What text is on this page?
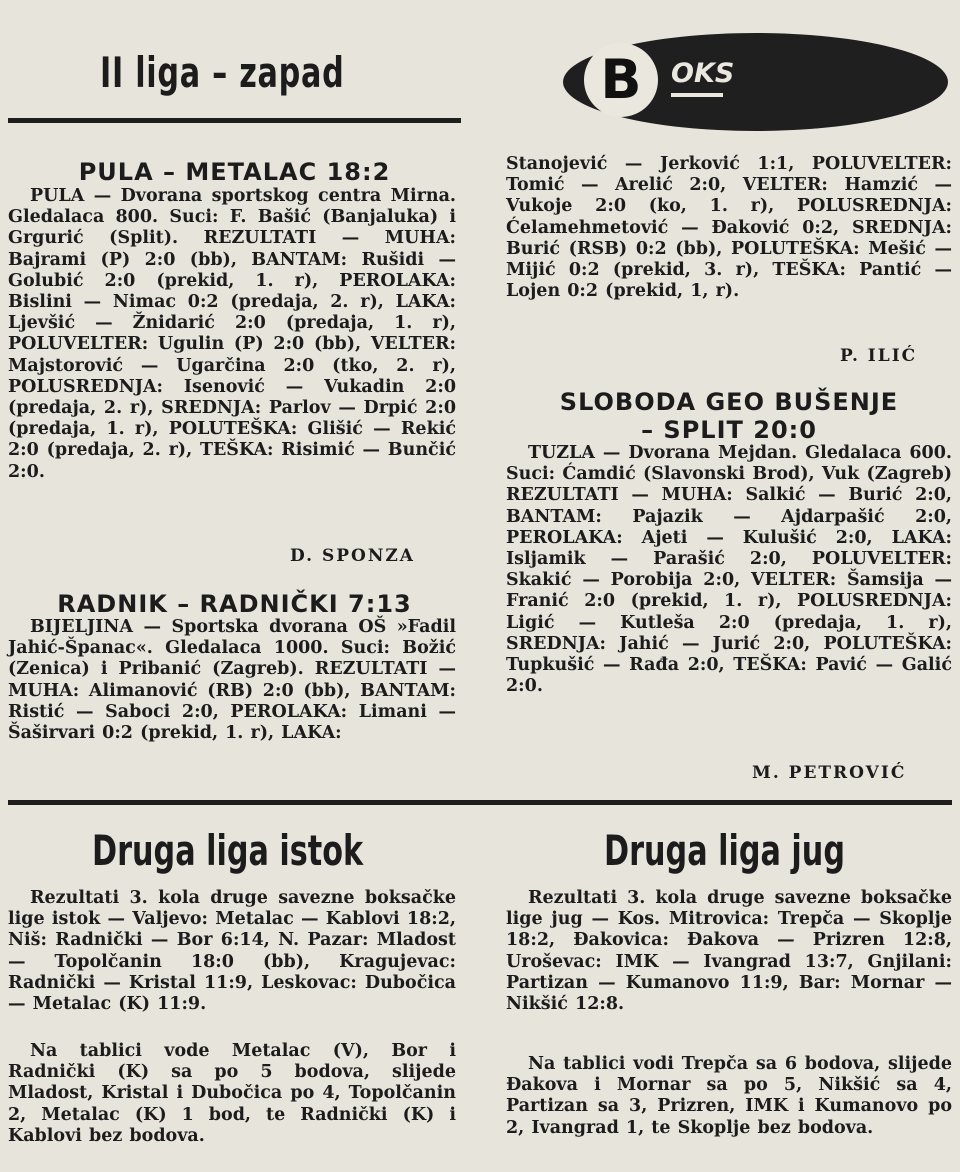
II liga – zapad	B	OKS
PULA – METALAC 18:2
PULA — Dvorana sportskog centra Mirna. Gledalaca 800. Suci: F. Bašić (Banjaluka) i Grgurić (Split). REZULTATI — MUHA: Bajrami (P) 2:0 (bb), BANTAM: Rušidi — Golubić 2:0 (prekid, 1. r), PEROLAKA: Bislini — Nimac 0:2 (predaja, 2. r), LAKA: Ljevšić — Žnidarić 2:0 (predaja, 1. r), POLUVELTER: Ugulin (P) 2:0 (bb), VELTER: Majstorović — Ugarčina 2:0 (tko, 2. r), POLUSREDNJA: Isenović — Vukadin 2:0 (predaja, 2. r), SREDNJA: Parlov — Drpić 2:0 (predaja, 1. r), POLUTEŠKA: Glišić — Rekić 2:0 (predaja, 2. r), TEŠKA: Risimić — Bunčić 2:0.
D. SPONZA
RADNIK – RADNIČKI 7:13
BIJELJINA — Sportska dvorana OŠ »Fadil Jahić-Španac«. Gledalaca 1000. Suci: Božić (Zenica) i Pribanić (Zagreb). REZULTATI — MUHA: Alimanović (RB) 2:0 (bb), BANTAM: Ristić — Saboci 2:0, PEROLAKA: Limani — Šaširvari 0:2 (prekid, 1. r), LAKA:
Stanojević — Jerković 1:1, POLUVELTER: Tomić — Arelić 2:0, VELTER: Hamzić — Vukoje 2:0 (ko, 1. r), POLUSREDNJA: Ćelamehmetović — Đaković 0:2, SREDNJA: Burić (RSB) 0:2 (bb), POLUTEŠKA: Mešić — Mijić 0:2 (prekid, 3. r), TEŠKA: Pantić — Lojen 0:2 (prekid, 1, r).
P. ILIĆ
SLOBODA GEO BUŠENJE
– SPLIT 20:0
TUZLA — Dvorana Mejdan. Gledalaca 600. Suci: Ćamdić (Slavonski Brod), Vuk (Zagreb) REZULTATI — MUHA: Salkić — Burić 2:0, BANTAM: Pajazik — Ajdarpašić 2:0, PEROLAKA: Ajeti — Kulušić 2:0, LAKA: Isljamik — Parašić 2:0, POLUVELTER: Skakić — Porobija 2:0, VELTER: Šamsija — Franić 2:0 (prekid, 1. r), POLUSREDNJA: Ligić — Kutleša 2:0 (predaja, 1. r), SREDNJA: Jahić — Jurić 2:0, POLUTEŠKA: Tupkušić — Rađa 2:0, TEŠKA: Pavić — Galić 2:0.
M. PETROVIĆ
Druga liga istok
Rezultati 3. kola druge savezne boksačke lige istok — Valjevo: Metalac — Kablovi 18:2, Niš: Radnički — Bor 6:14, N. Pazar: Mladost — Topolčanin 18:0 (bb), Kragujevac: Radnički — Kristal 11:9, Leskovac: Dubočica — Metalac (K) 11:9.
Na tablici vode Metalac (V), Bor i Radnički (K) sa po 5 bodova, slijede Mladost, Kristal i Dubočica po 4, Topolčanin 2, Metalac (K) 1 bod, te Radnički (K) i Kablovi bez bodova.
Druga liga jug
Rezultati 3. kola druge savezne boksačke lige jug — Kos. Mitrovica: Trepča — Skoplje 18:2, Đakovica: Đakova — Prizren 12:8, Uroševac: IMK — Ivangrad 13:7, Gnjilani: Partizan — Kumanovo 11:9, Bar: Mornar — Nikšić 12:8.
Na tablici vodi Trepča sa 6 bodova, slijede Đakova i Mornar sa po 5, Nikšić sa 4, Partizan sa 3, Prizren, IMK i Kumanovo po 2, Ivangrad 1, te Skoplje bez bodova.
